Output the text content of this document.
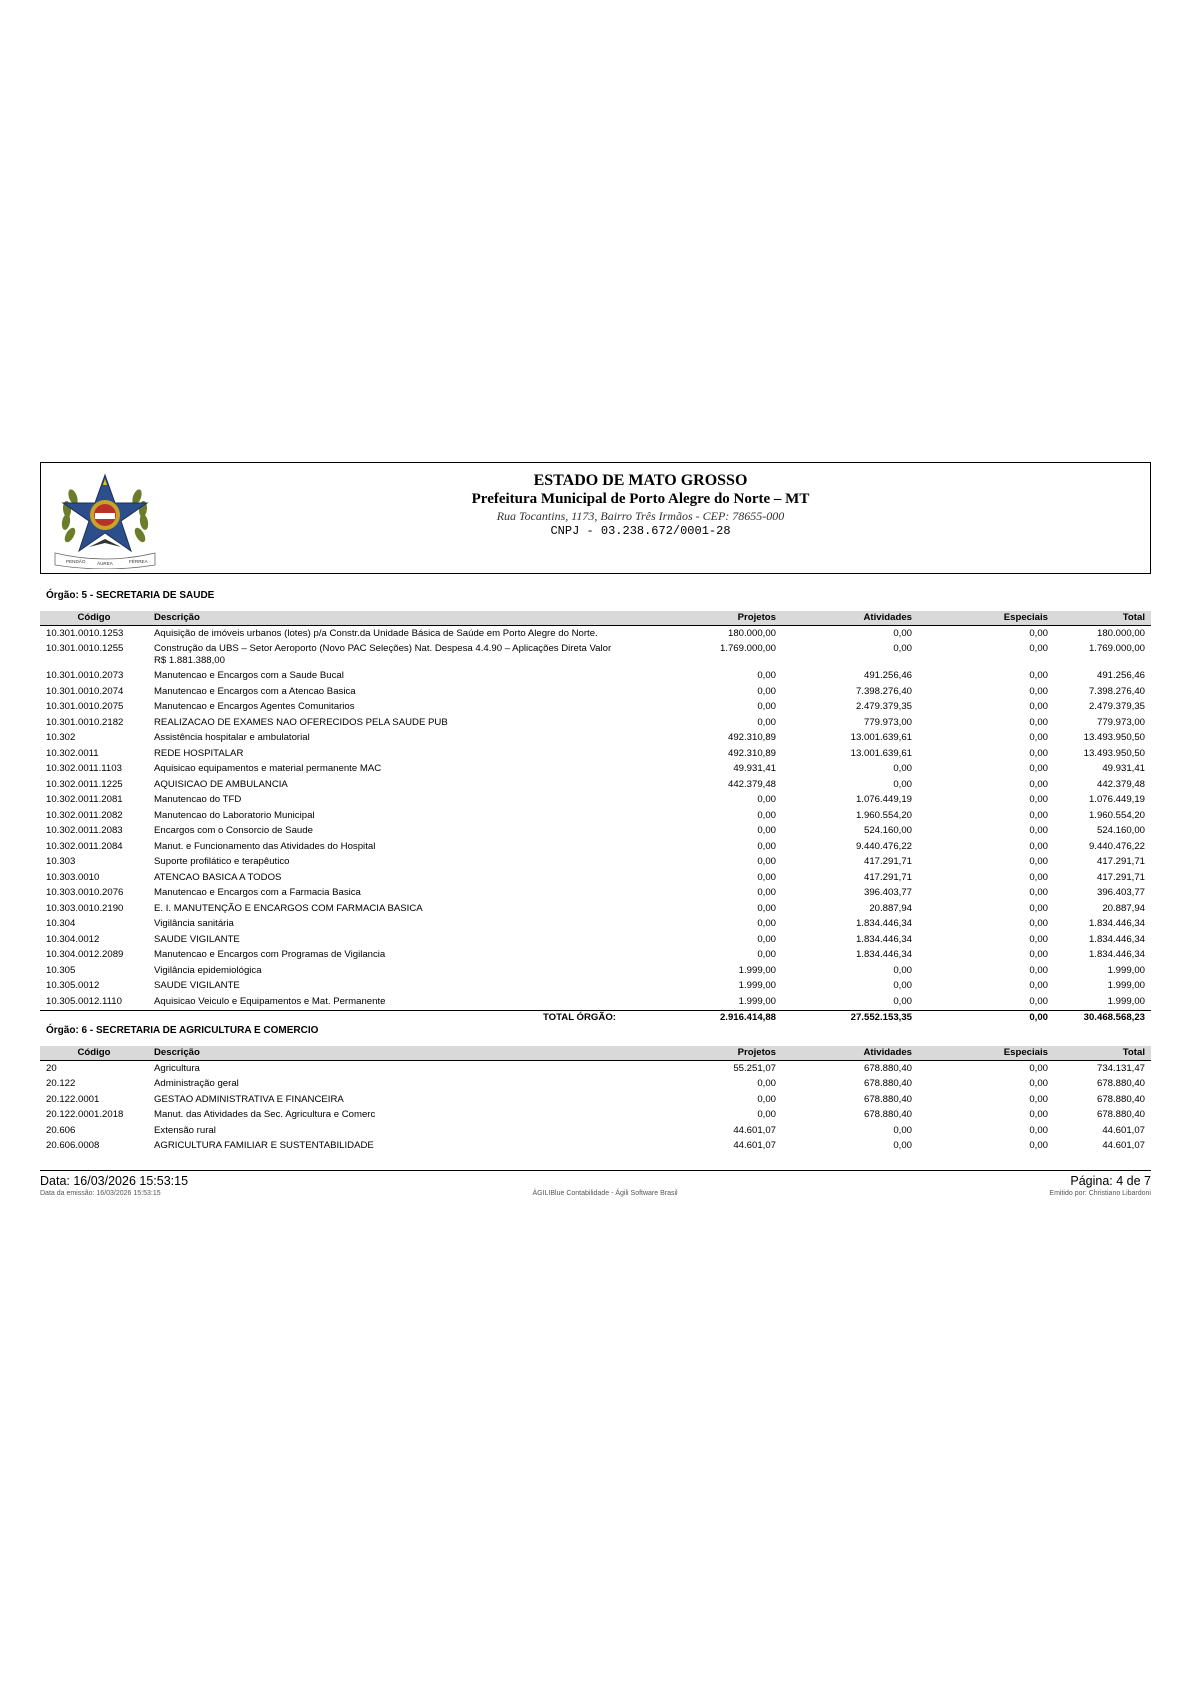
PENDÃO	ÁUREA	FÉRREA
ESTADO DE MATO GROSSO
Prefeitura Municipal de Porto Alegre do Norte – MT
Rua Tocantins, 1173, Bairro Três Irmãos - CEP: 78655-000
CNPJ - 03.238.672/0001-28
Órgão: 5 - SECRETARIA DE SAUDE
Código	Descrição	Projetos	Atividades	Especiais	Total
10.301.0010.1253	Aquisição de imóveis urbanos (lotes) p/a Constr.da Unidade Básica de Saúde em Porto Alegre do Norte.	180.000,00	0,00	0,00	180.000,00
10.301.0010.1255	Construção da UBS – Setor Aeroporto (Novo PAC Seleções) Nat. Despesa 4.4.90 – Aplicações Direta Valor R$ 1.881.388,00	1.769.000,00	0,00	0,00	1.769.000,00
10.301.0010.2073	Manutencao e Encargos com a Saude Bucal	0,00	491.256,46	0,00	491.256,46
10.301.0010.2074	Manutencao e Encargos com a Atencao Basica	0,00	7.398.276,40	0,00	7.398.276,40
10.301.0010.2075	Manutencao e Encargos Agentes Comunitarios	0,00	2.479.379,35	0,00	2.479.379,35
10.301.0010.2182	REALIZACAO DE EXAMES NAO OFERECIDOS PELA SAUDE PUB	0,00	779.973,00	0,00	779.973,00
10.302	Assistência hospitalar e ambulatorial	492.310,89	13.001.639,61	0,00	13.493.950,50
10.302.0011	REDE HOSPITALAR	492.310,89	13.001.639,61	0,00	13.493.950,50
10.302.0011.1103	Aquisicao equipamentos e material permanente MAC	49.931,41	0,00	0,00	49.931,41
10.302.0011.1225	AQUISICAO DE AMBULANCIA	442.379,48	0,00	0,00	442.379,48
10.302.0011.2081	Manutencao do TFD	0,00	1.076.449,19	0,00	1.076.449,19
10.302.0011.2082	Manutencao do Laboratorio Municipal	0,00	1.960.554,20	0,00	1.960.554,20
10.302.0011.2083	Encargos com o Consorcio de Saude	0,00	524.160,00	0,00	524.160,00
10.302.0011.2084	Manut. e Funcionamento das Atividades do Hospital	0,00	9.440.476,22	0,00	9.440.476,22
10.303	Suporte profilático e terapêutico	0,00	417.291,71	0,00	417.291,71
10.303.0010	ATENCAO BASICA A TODOS	0,00	417.291,71	0,00	417.291,71
10.303.0010.2076	Manutencao e Encargos com a Farmacia Basica	0,00	396.403,77	0,00	396.403,77
10.303.0010.2190	E. I. MANUTENÇÃO E ENCARGOS COM FARMACIA BASICA	0,00	20.887,94	0,00	20.887,94
10.304	Vigilância sanitária	0,00	1.834.446,34	0,00	1.834.446,34
10.304.0012	SAUDE VIGILANTE	0,00	1.834.446,34	0,00	1.834.446,34
10.304.0012.2089	Manutencao e Encargos com Programas de Vigilancia	0,00	1.834.446,34	0,00	1.834.446,34
10.305	Vigilância epidemiológica	1.999,00	0,00	0,00	1.999,00
10.305.0012	SAUDE VIGILANTE	1.999,00	0,00	0,00	1.999,00
10.305.0012.1110	Aquisicao Veiculo e Equipamentos e Mat. Permanente	1.999,00	0,00	0,00	1.999,00
	TOTAL ÓRGÃO:	2.916.414,88	27.552.153,35	0,00	30.468.568,23
Órgão: 6 - SECRETARIA DE AGRICULTURA E COMERCIO
Código	Descrição	Projetos	Atividades	Especiais	Total
20	Agricultura	55.251,07	678.880,40	0,00	734.131,47
20.122	Administração geral	0,00	678.880,40	0,00	678.880,40
20.122.0001	GESTAO ADMINISTRATIVA E FINANCEIRA	0,00	678.880,40	0,00	678.880,40
20.122.0001.2018	Manut. das Atividades da Sec. Agricultura e Comerc	0,00	678.880,40	0,00	678.880,40
20.606	Extensão rural	44.601,07	0,00	0,00	44.601,07
20.606.0008	AGRICULTURA FAMILIAR E SUSTENTABILIDADE	44.601,07	0,00	0,00	44.601,07
Data: 16/03/2026 15:53:15	Página: 4 de 7
Data da emissão: 16/03/2026 15:53:15	ÁGILIBlue Contabilidade - Ágili Software Brasil	Emitido por: Christiano Libardoni
